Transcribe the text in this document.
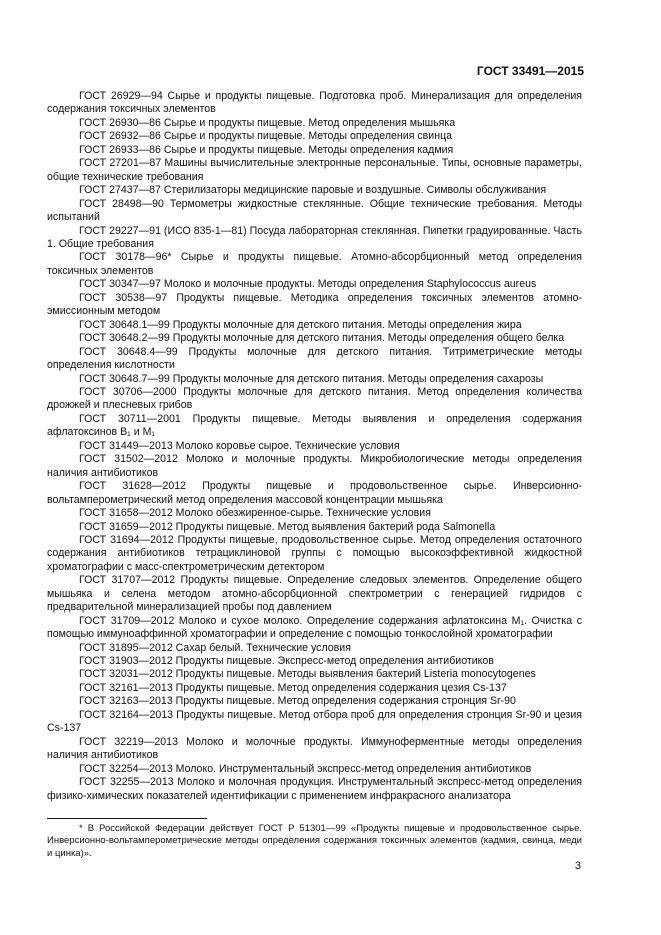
ГОСТ 33491—2015

ГОСТ 26929—94 Сырье и продукты пищевые. Подготовка проб. Минерализация для определения содержания токсичных элементов

ГОСТ 26930—86 Сырье и продукты пищевые. Метод определения мышьяка

ГОСТ 26932—86 Сырье и продукты пищевые. Методы определения свинца

ГОСТ 26933—86 Сырье и продукты пищевые. Методы определения кадмия

ГОСТ 27201—87 Машины вычислительные электронные персональные. Типы, основные параметры, общие технические требования

ГОСТ 27437—87 Стерилизаторы медицинские паровые и воздушные. Символы обслуживания

ГОСТ 28498—90 Термометры жидкостные стеклянные. Общие технические требования. Методы испытаний

ГОСТ 29227—91 (ИСО 835-1—81) Посуда лабораторная стеклянная. Пипетки градуированные. Часть 1. Общие требования

ГОСТ 30178—96* Сырье и продукты пищевые. Атомно-абсорбционный метод определения токсичных элементов

ГОСТ 30347—97 Молоко и молочные продукты. Методы определения Staphylococcus aureus

ГОСТ 30538—97 Продукты пищевые. Методика определения токсичных элементов атомно-эмиссионным методом

ГОСТ 30648.1—99 Продукты молочные для детского питания. Методы определения жира

ГОСТ 30648.2—99 Продукты молочные для детского питания. Методы определения общего белка

ГОСТ 30648.4—99 Продукты молочные для детского питания. Титриметрические методы определения кислотности

ГОСТ 30648.7—99 Продукты молочные для детского питания. Методы определения сахарозы

ГОСТ 30706—2000 Продукты молочные для детского питания. Метод определения количества дрожжей и плесневых грибов

ГОСТ 30711—2001 Продукты пищевые. Методы выявления и определения содержания афлатоксинов B₁ и M₁

ГОСТ 31449—2013 Молоко коровье сырое. Технические условия

ГОСТ 31502—2012 Молоко и молочные продукты. Микробиологические методы определения наличия антибиотиков

ГОСТ 31628—2012 Продукты пищевые и продовольственное сырье. Инверсионно-вольтамперометрический метод определения массовой концентрации мышьяка

ГОСТ 31658—2012 Молоко обезжиренное-сырье. Технические условия

ГОСТ 31659—2012 Продукты пищевые. Метод выявления бактерий рода Salmonella

ГОСТ 31694—2012 Продукты пищевые, продовольственное сырье. Метод определения остаточного содержания антибиотиков тетрациклиновой группы с помощью высокоэффективной жидкостной хроматографии с масс-спектрометрическим детектором

ГОСТ 31707—2012 Продукты пищевые. Определение следовых элементов. Определение общего мышьяка и селена методом атомно-абсорбционной спектрометрии с генерацией гидридов с предварительной минерализацией пробы под давлением

ГОСТ 31709—2012 Молоко и сухое молоко. Определение содержания афлатоксина M₁. Очистка с помощью иммуноаффинной хроматографии и определение с помощью тонкослойной хроматографии

ГОСТ 31895—2012 Сахар белый. Технические условия

ГОСТ 31903—2012 Продукты пищевые. Экспресс-метод определения антибиотиков

ГОСТ 32031—2012 Продукты пищевые. Методы выявления бактерий Listeria monocytogenes

ГОСТ 32161—2013 Продукты пищевые. Метод определения содержания цезия Cs-137

ГОСТ 32163—2013 Продукты пищевые. Метод определения содержания стронция Sr-90

ГОСТ 32164—2013 Продукты пищевые. Метод отбора проб для определения стронция Sr-90 и цезия Cs-137

ГОСТ 32219—2013 Молоко и молочные продукты. Иммуноферментные методы определения наличия антибиотиков

ГОСТ 32254—2013 Молоко. Инструментальный экспресс-метод определения антибиотиков

ГОСТ 32255—2013 Молоко и молочная продукция. Инструментальный экспресс-метод определения физико-химических показателей идентификации с применением инфракрасного анализатора

* В Российской Федерации действует ГОСТ Р 51301—99 «Продукты пищевые и продовольственное сырье. Инверсионно-вольтамперометрические методы определения содержания токсичных элементов (кадмия, свинца, меди и цинка)».

3
